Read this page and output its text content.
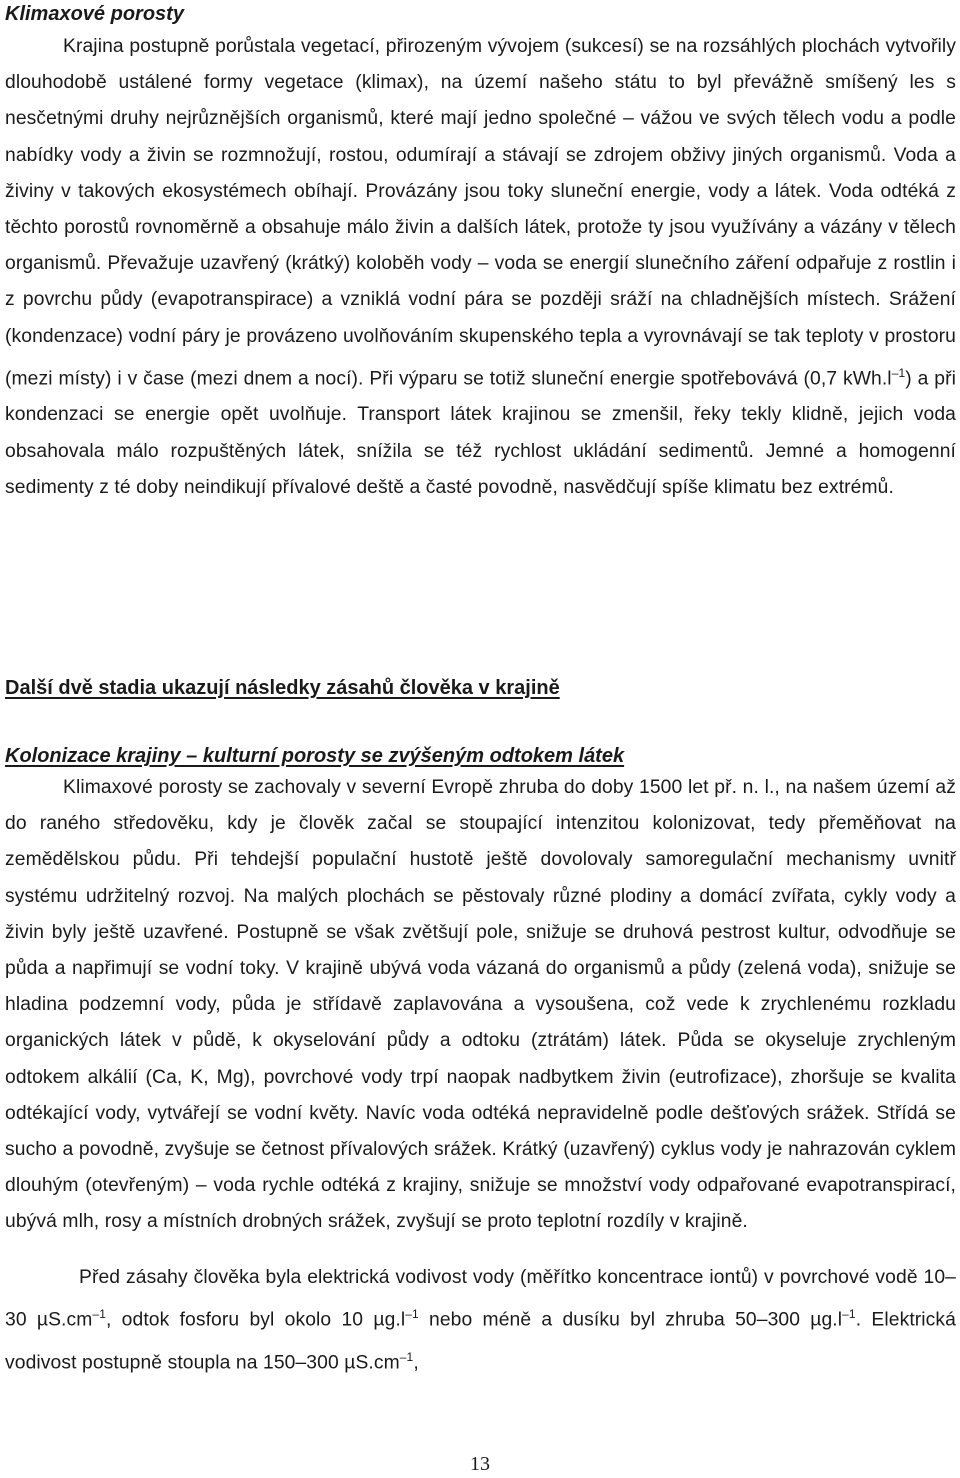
Klimaxové porosty

Krajina postupně porůstala vegetací, přirozeným vývojem (sukcesí) se na rozsáhlých plochách vytvořily dlouhodobě ustálené formy vegetace (klimax), na území našeho státu to byl převážně smíšený les s nesčetnými druhy nejrůznějších organismů, které mají jedno společné – vážou ve svých tělech vodu a podle nabídky vody a živin se rozmnožují, rostou, odumírají a stávají se zdrojem obživy jiných organismů. Voda a živiny v takových ekosystémech obíhají. Provázány jsou toky sluneční energie, vody a látek. Voda odtéká z těchto porostů rovnoměrně a obsahuje málo živin a dalších látek, protože ty jsou využívány a vázány v tělech organismů. Převažuje uzavřený (krátký) koloběh vody – voda se energií slunečního záření odpařuje z rostlin i z povrchu půdy (evapotranspirace) a vzniklá vodní pára se později sráží na chladnějších místech. Srážení (kondenzace) vodní páry je provázeno uvolňováním skupenského tepla a vyrovnávají se tak teploty v prostoru (mezi místy) i v čase (mezi dnem a nocí). Při výparu se totiž sluneční energie spotřebovává (0,7 $kWh.l^{-1}$) a při kondenzaci se energie opět uvolňuje. Transport látek krajinou se zmenšil, řeky tekly klidně, jejich voda obsahovala málo rozpuštěných látek, snížila se též rychlost ukládání sedimentů. Jemné a homogenní sedimenty z té doby neindikují přívalové deště a časté povodně, nasvědčují spíše klimatu bez extrémů.

Další dvě stadia ukazují následky zásahů člověka v krajině
Kolonizace krajiny – kulturní porosty se zvýšeným odtokem látek

Klimaxové porosty se zachovaly v severní Evropě zhruba do doby 1500 let př. n. l., na našem území až do raného středověku, kdy je člověk začal se stoupající intenzitou kolonizovat, tedy přeměňovat na zemědělskou půdu. Při tehdejší populační hustotě ještě dovolovaly samoregulační mechanismy uvnitř systému udržitelný rozvoj. Na malých plochách se pěstovaly různé plodiny a domácí zvířata, cykly vody a živin byly ještě uzavřené. Postupně se však zvětšují pole, snižuje se druhová pestrost kultur, odvodňuje se půda a napřimují se vodní toky. V krajině ubývá voda vázaná do organismů a půdy (zelená voda), snižuje se hladina podzemní vody, půda je střídavě zaplavována a vysoušena, což vede k zrychlenému rozkladu organických látek v půdě, k okyselování půdy a odtoku (ztrátám) látek. Půda se okyseluje zrychleným odtokem alkálií (Ca, K, Mg), povrchové vody trpí naopak nadbytkem živin (eutrofizace), zhoršuje se kvalita odtékající vody, vytvářejí se vodní květy. Navíc voda odtéká nepravidelně podle dešťových srážek. Střídá se sucho a povodně, zvyšuje se četnost přívalových srážek. Krátký (uzavřený) cyklus vody je nahrazován cyklem dlouhým (otevřeným) – voda rychle odtéká z krajiny, snižuje se množství vody odpařované evapotranspirací, ubývá mlh, rosy a místních drobných srážek, zvyšují se proto teplotní rozdíly v krajině.

Před zásahy člověka byla elektrická vodivost vody (měřítko koncentrace iontů) v povrchové vodě 10–30 $\mu S.cm^{-1}$, odtok fosforu byl okolo 10 $\mu g.l^{-1}$ nebo méně a dusíku byl zhruba 50–300 $\mu g.l^{-1}$. Elektrická vodivost postupně stoupla na 150–300 $\mu S.cm^{-1}$,

13
